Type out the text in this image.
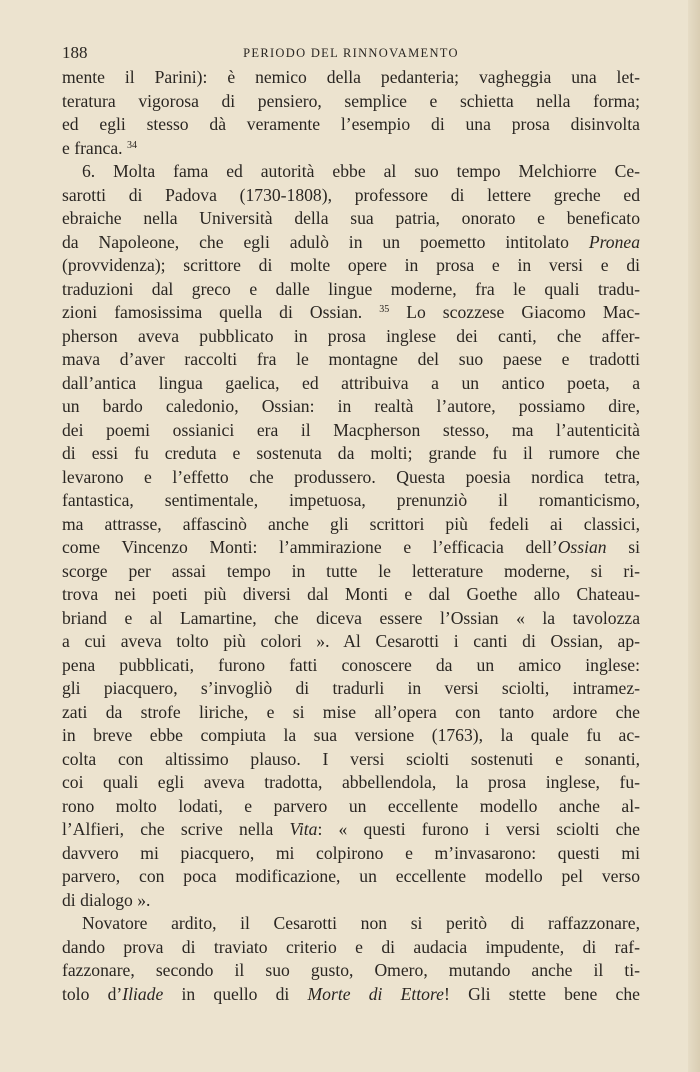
188	PERIODO DEL RINNOVAMENTO
mente il Parini): è nemico della pedanteria; vagheggia una let-
teratura vigorosa di pensiero, semplice e schietta nella forma;
ed egli stesso dà veramente l’esempio di una prosa disinvolta
e franca. $^{34}$
6. Molta fama ed autorità ebbe al suo tempo Melchiorre Ce-
sarotti di Padova (1730-1808), professore di lettere greche ed
ebraiche nella Università della sua patria, onorato e beneficato
da Napoleone, che egli adulò in un poemetto intitolato Pronea
(provvidenza); scrittore di molte opere in prosa e in versi e di
traduzioni dal greco e dalle lingue moderne, fra le quali tradu-
zioni famosissima quella di Ossian. $^{35}$ Lo scozzese Giacomo Mac-
pherson aveva pubblicato in prosa inglese dei canti, che affer-
mava d’aver raccolti fra le montagne del suo paese e tradotti
dall’antica lingua gaelica, ed attribuiva a un antico poeta, a
un bardo caledonio, Ossian: in realtà l’autore, possiamo dire,
dei poemi ossianici era il Macpherson stesso, ma l’autenticità
di essi fu creduta e sostenuta da molti; grande fu il rumore che
levarono e l’effetto che produssero. Questa poesia nordica tetra,
fantastica, sentimentale, impetuosa, prenunziò il romanticismo,
ma attrasse, affascinò anche gli scrittori più fedeli ai classici,
come Vincenzo Monti: l’ammirazione e l’efficacia dell’Ossian si
scorge per assai tempo in tutte le letterature moderne, si ri-
trova nei poeti più diversi dal Monti e dal Goethe allo Chateau-
briand e al Lamartine, che diceva essere l’Ossian « la tavolozza
a cui aveva tolto più colori ». Al Cesarotti i canti di Ossian, ap-
pena pubblicati, furono fatti conoscere da un amico inglese:
gli piacquero, s’invogliò di tradurli in versi sciolti, intramez-
zati da strofe liriche, e si mise all’opera con tanto ardore che
in breve ebbe compiuta la sua versione (1763), la quale fu ac-
colta con altissimo plauso. I versi sciolti sostenuti e sonanti,
coi quali egli aveva tradotta, abbellendola, la prosa inglese, fu-
rono molto lodati, e parvero un eccellente modello anche al-
l’Alfieri, che scrive nella Vita: « questi furono i versi sciolti che
davvero mi piacquero, mi colpirono e m’invasarono: questi mi
parvero, con poca modificazione, un eccellente modello pel verso
di dialogo ».
Novatore ardito, il Cesarotti non si peritò di raffazzonare,
dando prova di traviato criterio e di audacia impudente, di raf-
fazzonare, secondo il suo gusto, Omero, mutando anche il ti-
tolo d’Iliade in quello di Morte di Ettore! Gli stette bene che
